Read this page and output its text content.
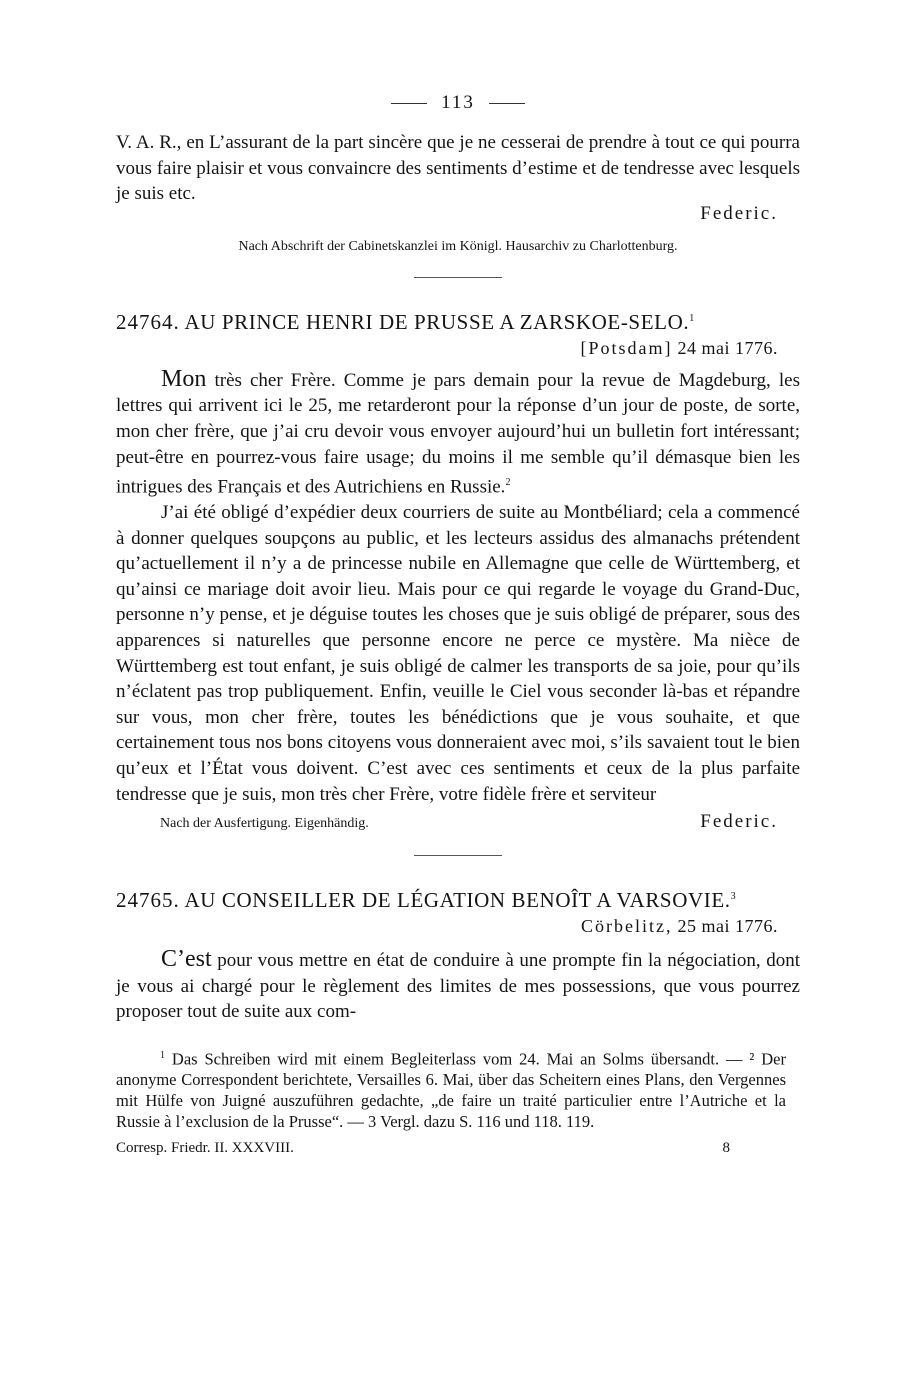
113

V. A. R., en L’assurant de la part sincère que je ne cesserai de prendre à tout ce qui pourra vous faire plaisir et vous convaincre des sentiments d’estime et de tendresse avec lesquels je suis etc.

Federic.
Nach Abschrift der Cabinetskanzlei im Königl. Hausarchiv zu Charlottenburg.
24764. AU PRINCE HENRI DE PRUSSE A ZARSKOE-SELO.$^1$
[Potsdam] 24 mai 1776.

Mon très cher Frère. Comme je pars demain pour la revue de Magdeburg, les lettres qui arrivent ici le 25, me retarderont pour la réponse d’un jour de poste, de sorte, mon cher frère, que j’ai cru devoir vous envoyer aujourd’hui un bulletin fort intéressant; peut-être en pourrez-vous faire usage; du moins il me semble qu’il démasque bien les intrigues des Français et des Autrichiens en Russie.$^2$

J’ai été obligé d’expédier deux courriers de suite au Montbéliard; cela a commencé à donner quelques soupçons au public, et les lecteurs assidus des almanachs prétendent qu’actuellement il n’y a de princesse nubile en Allemagne que celle de Württemberg, et qu’ainsi ce mariage doit avoir lieu. Mais pour ce qui regarde le voyage du Grand-Duc, personne n’y pense, et je déguise toutes les choses que je suis obligé de préparer, sous des apparences si naturelles que personne encore ne perce ce mystère. Ma nièce de Württemberg est tout enfant, je suis obligé de calmer les transports de sa joie, pour qu’ils n’éclatent pas trop publiquement. Enfin, veuille le Ciel vous seconder là-bas et répandre sur vous, mon cher frère, toutes les bénédictions que je vous souhaite, et que certainement tous nos bons citoyens vous donneraient avec moi, s’ils savaient tout le bien qu’eux et l’État vous doivent. C’est avec ces sentiments et ceux de la plus parfaite tendresse que je suis, mon très cher Frère, votre fidèle frère et serviteur

Nach der Ausfertigung. Eigenhändig.	Federic.
24765. AU CONSEILLER DE LÉGATION BENOÎT A VARSOVIE.$^3$
Cörbelitz, 25 mai 1776.

C’est pour vous mettre en état de conduire à une prompte fin la négociation, dont je vous ai chargé pour le règlement des limites de mes possessions, que vous pourrez proposer tout de suite aux com-

$^1$ Das Schreiben wird mit einem Begleiterlass vom 24. Mai an Solms übersandt. — ² Der anonyme Correspondent berichtete, Versailles 6. Mai, über das Scheitern eines Plans, den Vergennes mit Hülfe von Juigné auszuführen gedachte, „de faire un traité particulier entre l’Autriche et la Russie à l’exclusion de la Prusse“. — 3 Vergl. dazu S. 116 und 118. 119.

Corresp. Friedr. II. XXXVIII.	8
